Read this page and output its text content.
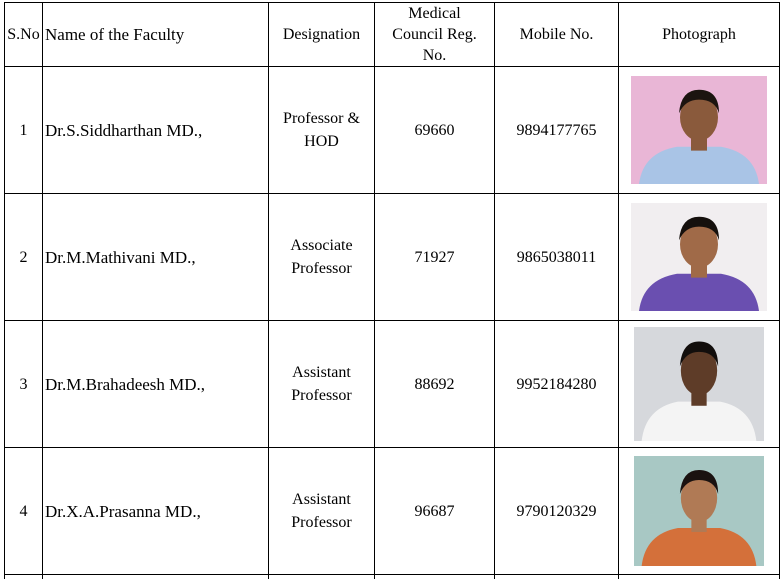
S.No	Name of the Faculty	Designation	Medical
Council Reg.
No.	Mobile No.	Photograph
1	Dr.S.Siddharthan MD.,	Professor &
HOD	69660	9894177765	

2	Dr.M.Mathivani MD.,	Associate
Professor	71927	9865038011	

3	Dr.M.Brahadeesh MD.,	Assistant
Professor	88692	9952184280	

4	Dr.X.A.Prasanna MD.,	Assistant
Professor	96687	9790120329	
